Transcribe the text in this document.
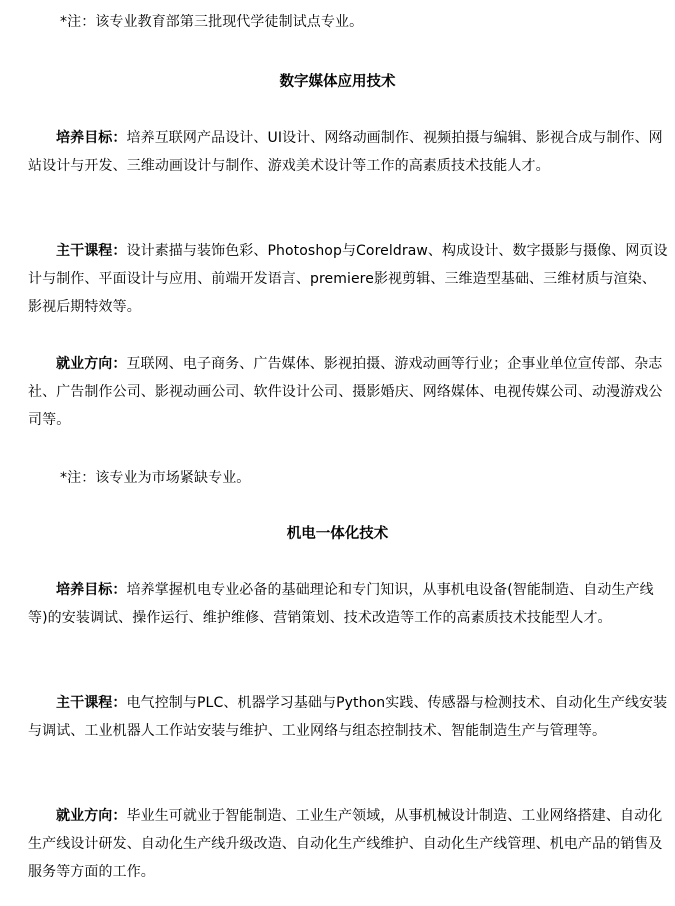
*注：该专业教育部第三批现代学徒制试点专业。

数字媒体应用技术

培养目标：培养互联网产品设计、UI设计、网络动画制作、视频拍摄与编辑、影视合成与制作、网站设计与开发、三维动画设计与制作、游戏美术设计等工作的高素质技术技能人才。

主干课程：设计素描与装饰色彩、Photoshop与Coreldraw、构成设计、数字摄影与摄像、网页设计与制作、平面设计与应用、前端开发语言、premiere影视剪辑、三维造型基础、三维材质与渲染、影视后期特效等。

就业方向：互联网、电子商务、广告媒体、影视拍摄、游戏动画等行业；企事业单位宣传部、杂志社、广告制作公司、影视动画公司、软件设计公司、摄影婚庆、网络媒体、电视传媒公司、动漫游戏公司等。

*注：该专业为市场紧缺专业。

机电一体化技术

培养目标：培养掌握机电专业必备的基础理论和专门知识，从事机电设备(智能制造、自动生产线等)的安装调试、操作运行、维护维修、营销策划、技术改造等工作的高素质技术技能型人才。

主干课程：电气控制与PLC、机器学习基础与Python实践、传感器与检测技术、自动化生产线安装与调试、工业机器人工作站安装与维护、工业网络与组态控制技术、智能制造生产与管理等。

就业方向：毕业生可就业于智能制造、工业生产领域，从事机械设计制造、工业网络搭建、自动化生产线设计研发、自动化生产线升级改造、自动化生产线维护、自动化生产线管理、机电产品的销售及服务等方面的工作。
